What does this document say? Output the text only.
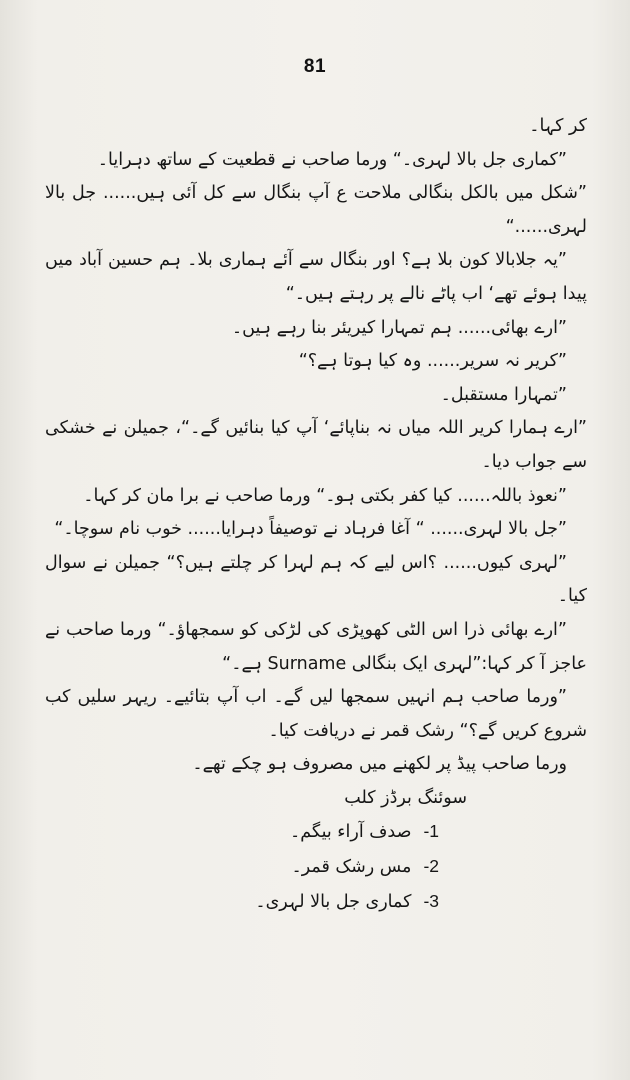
81

کر کہا۔

”کماری جل بالا لہری۔“ ورما صاحب نے قطعیت کے ساتھ دہرایا۔

”شکل میں بالکل بنگالی ملاحت ع آپ بنگال سے کل آئی ہیں...... جل بالا لہری......“

”یہ جلابالا کون بلا ہے؟ اور بنگال سے آئے ہماری بلا۔ ہم حسین آباد میں پیدا ہوئے تھے‘ اب پاٹے نالے پر رہتے ہیں۔“

”ارے بھائی...... ہم تمہارا کیریئر بنا رہے ہیں۔

”کریر نہ سریر...... وہ کیا ہوتا ہے؟“

”تمہارا مستقبل۔

”ارے ہمارا کریر اللہ میاں نہ بناپائے‘ آپ کیا بنائیں گے۔“، جمیلن نے خشکی سے جواب دیا۔

”نعوذ باللہ...... کیا کفر بکتی ہو۔“ ورما صاحب نے برا مان کر کہا۔

”جل بالا لہری...... “ آغا فرہاد نے توصیفاً دہرایا...... خوب نام سوچا۔“

”لہری کیوں...... ؟اس لیے کہ ہم لہرا کر چلتے ہیں؟“ جمیلن نے سوال کیا۔

”ارے بھائی ذرا اس الٹی کھوپڑی کی لڑکی کو سمجھاؤ۔“ ورما صاحب نے عاجز آ کر کہا:”لہری ایک بنگالی Surname ہے۔“

”ورما صاحب ہم انہیں سمجھا لیں گے۔ اب آپ بتائیے۔ ریہر سلیں کب شروع کریں گے؟“ رشک قمر نے دریافت کیا۔

ورما صاحب پیڈ پر لکھنے میں مصروف ہو چکے تھے۔

سوئنگ برڈز کلب

1-صدف آراء بیگم۔
2-مس رشک قمر۔
3-کماری جل بالا لہری۔
